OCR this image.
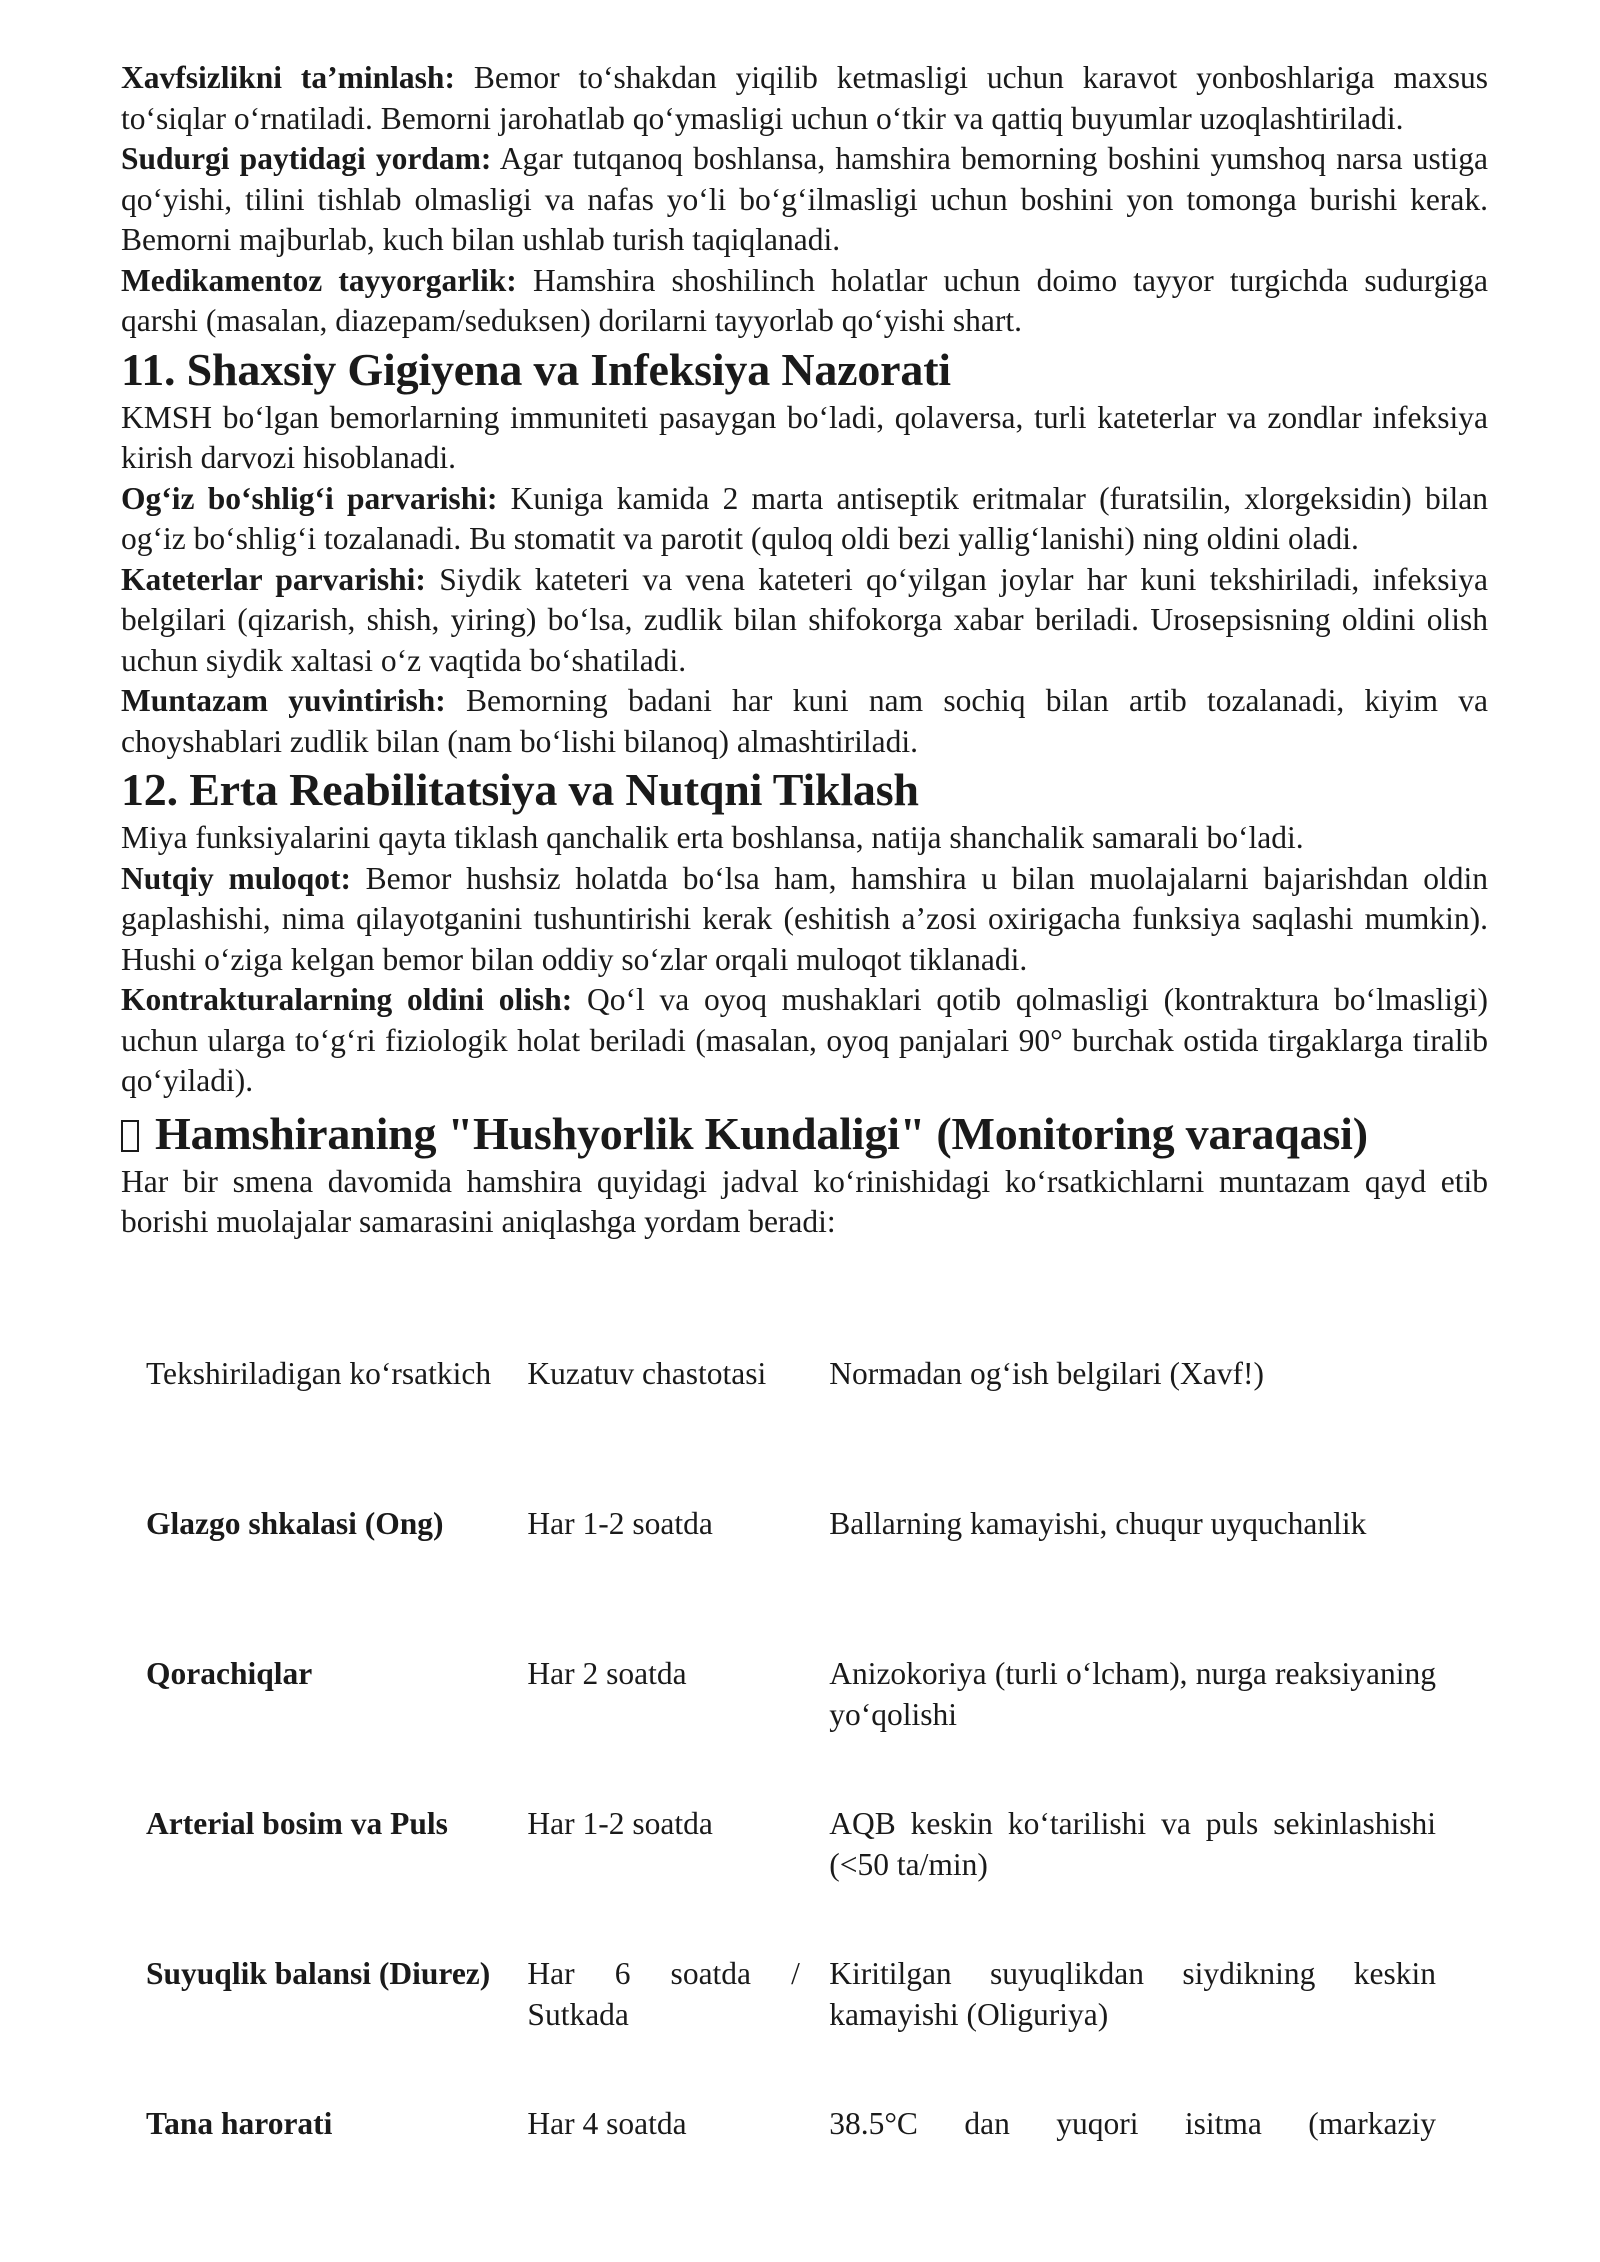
Xavfsizlikni ta’minlash: Bemor to‘shakdan yiqilib ketmasligi uchun karavot yonboshlariga maxsus to‘siqlar o‘rnatiladi. Bemorni jarohatlab qo‘ymasligi uchun o‘tkir va qattiq buyumlar uzoqlashtiriladi.

Sudurgi paytidagi yordam: Agar tutqanoq boshlansa, hamshira bemorning boshini yumshoq narsa ustiga qo‘yishi, tilini tishlab olmasligi va nafas yo‘li bo‘g‘ilmasligi uchun boshini yon tomonga burishi kerak. Bemorni majburlab, kuch bilan ushlab turish taqiqlanadi.

Medikamentoz tayyorgarlik: Hamshira shoshilinch holatlar uchun doimo tayyor turgichda sudurgiga qarshi (masalan, diazepam/seduksen) dorilarni tayyorlab qo‘yishi shart.

11. Shaxsiy Gigiyena va Infeksiya Nazorati

KMSH bo‘lgan bemorlarning immuniteti pasaygan bo‘ladi, qolaversa, turli kateterlar va zondlar infeksiya kirish darvozi hisoblanadi.

Og‘iz bo‘shlig‘i parvarishi: Kuniga kamida 2 marta antiseptik eritmalar (furatsilin, xlorgeksidin) bilan og‘iz bo‘shlig‘i tozalanadi. Bu stomatit va parotit (quloq oldi bezi yallig‘lanishi) ning oldini oladi.

Kateterlar parvarishi: Siydik kateteri va vena kateteri qo‘yilgan joylar har kuni tekshiriladi, infeksiya belgilari (qizarish, shish, yiring) bo‘lsa, zudlik bilan shifokorga xabar beriladi. Urosepsisning oldini olish uchun siydik xaltasi o‘z vaqtida bo‘shatiladi.

Muntazam yuvintirish: Bemorning badani har kuni nam sochiq bilan artib tozalanadi, kiyim va choyshablari zudlik bilan (nam bo‘lishi bilanoq) almashtiriladi.

12. Erta Reabilitatsiya va Nutqni Tiklash

Miya funksiyalarini qayta tiklash qanchalik erta boshlansa, natija shanchalik samarali bo‘ladi.

Nutqiy muloqot: Bemor hushsiz holatda bo‘lsa ham, hamshira u bilan muolajalarni bajarishdan oldin gaplashishi, nima qilayotganini tushuntirishi kerak (eshitish a’zosi oxirigacha funksiya saqlashi mumkin). Hushi o‘ziga kelgan bemor bilan oddiy so‘zlar orqali muloqot tiklanadi.

Kontrakturalarning oldini olish: Qo‘l va oyoq mushaklari qotib qolmasligi (kontraktura bo‘lmasligi) uchun ularga to‘g‘ri fiziologik holat beriladi (masalan, oyoq panjalari 90° burchak ostida tirgaklarga tiralib qo‘yiladi).

Hamshiraning "Hushyorlik Kundaligi" (Monitoring varaqasi)

Har bir smena davomida hamshira quyidagi jadval ko‘rinishidagi ko‘rsatkichlarni muntazam qayd etib borishi muolajalar samarasini aniqlashga yordam beradi:

Tekshiriladigan ko‘rsatkich		Kuzatuv chastotasi		Normadan og‘ish belgilari (Xavf!)
Glazgo shkalasi (Ong)		Har 1-2 soatda		Ballarning kamayishi, chuqur uyquchanlik
Qorachiqlar		Har 2 soatda		Anizokoriya (turli o‘lcham), nurga reaksiyaning yo‘qolishi
Arterial bosim va Puls		Har 1-2 soatda		AQB keskin ko‘tarilishi va puls sekinlashishi (<50 ta/min)
Suyuqlik balansi (Diurez)		Har 6 soatda / Sutkada		Kiritilgan suyuqlikdan siydikning keskin kamayishi (Oliguriya)
Tana harorati		Har 4 soatda		38.5°C dan yuqori isitma (markaziy
